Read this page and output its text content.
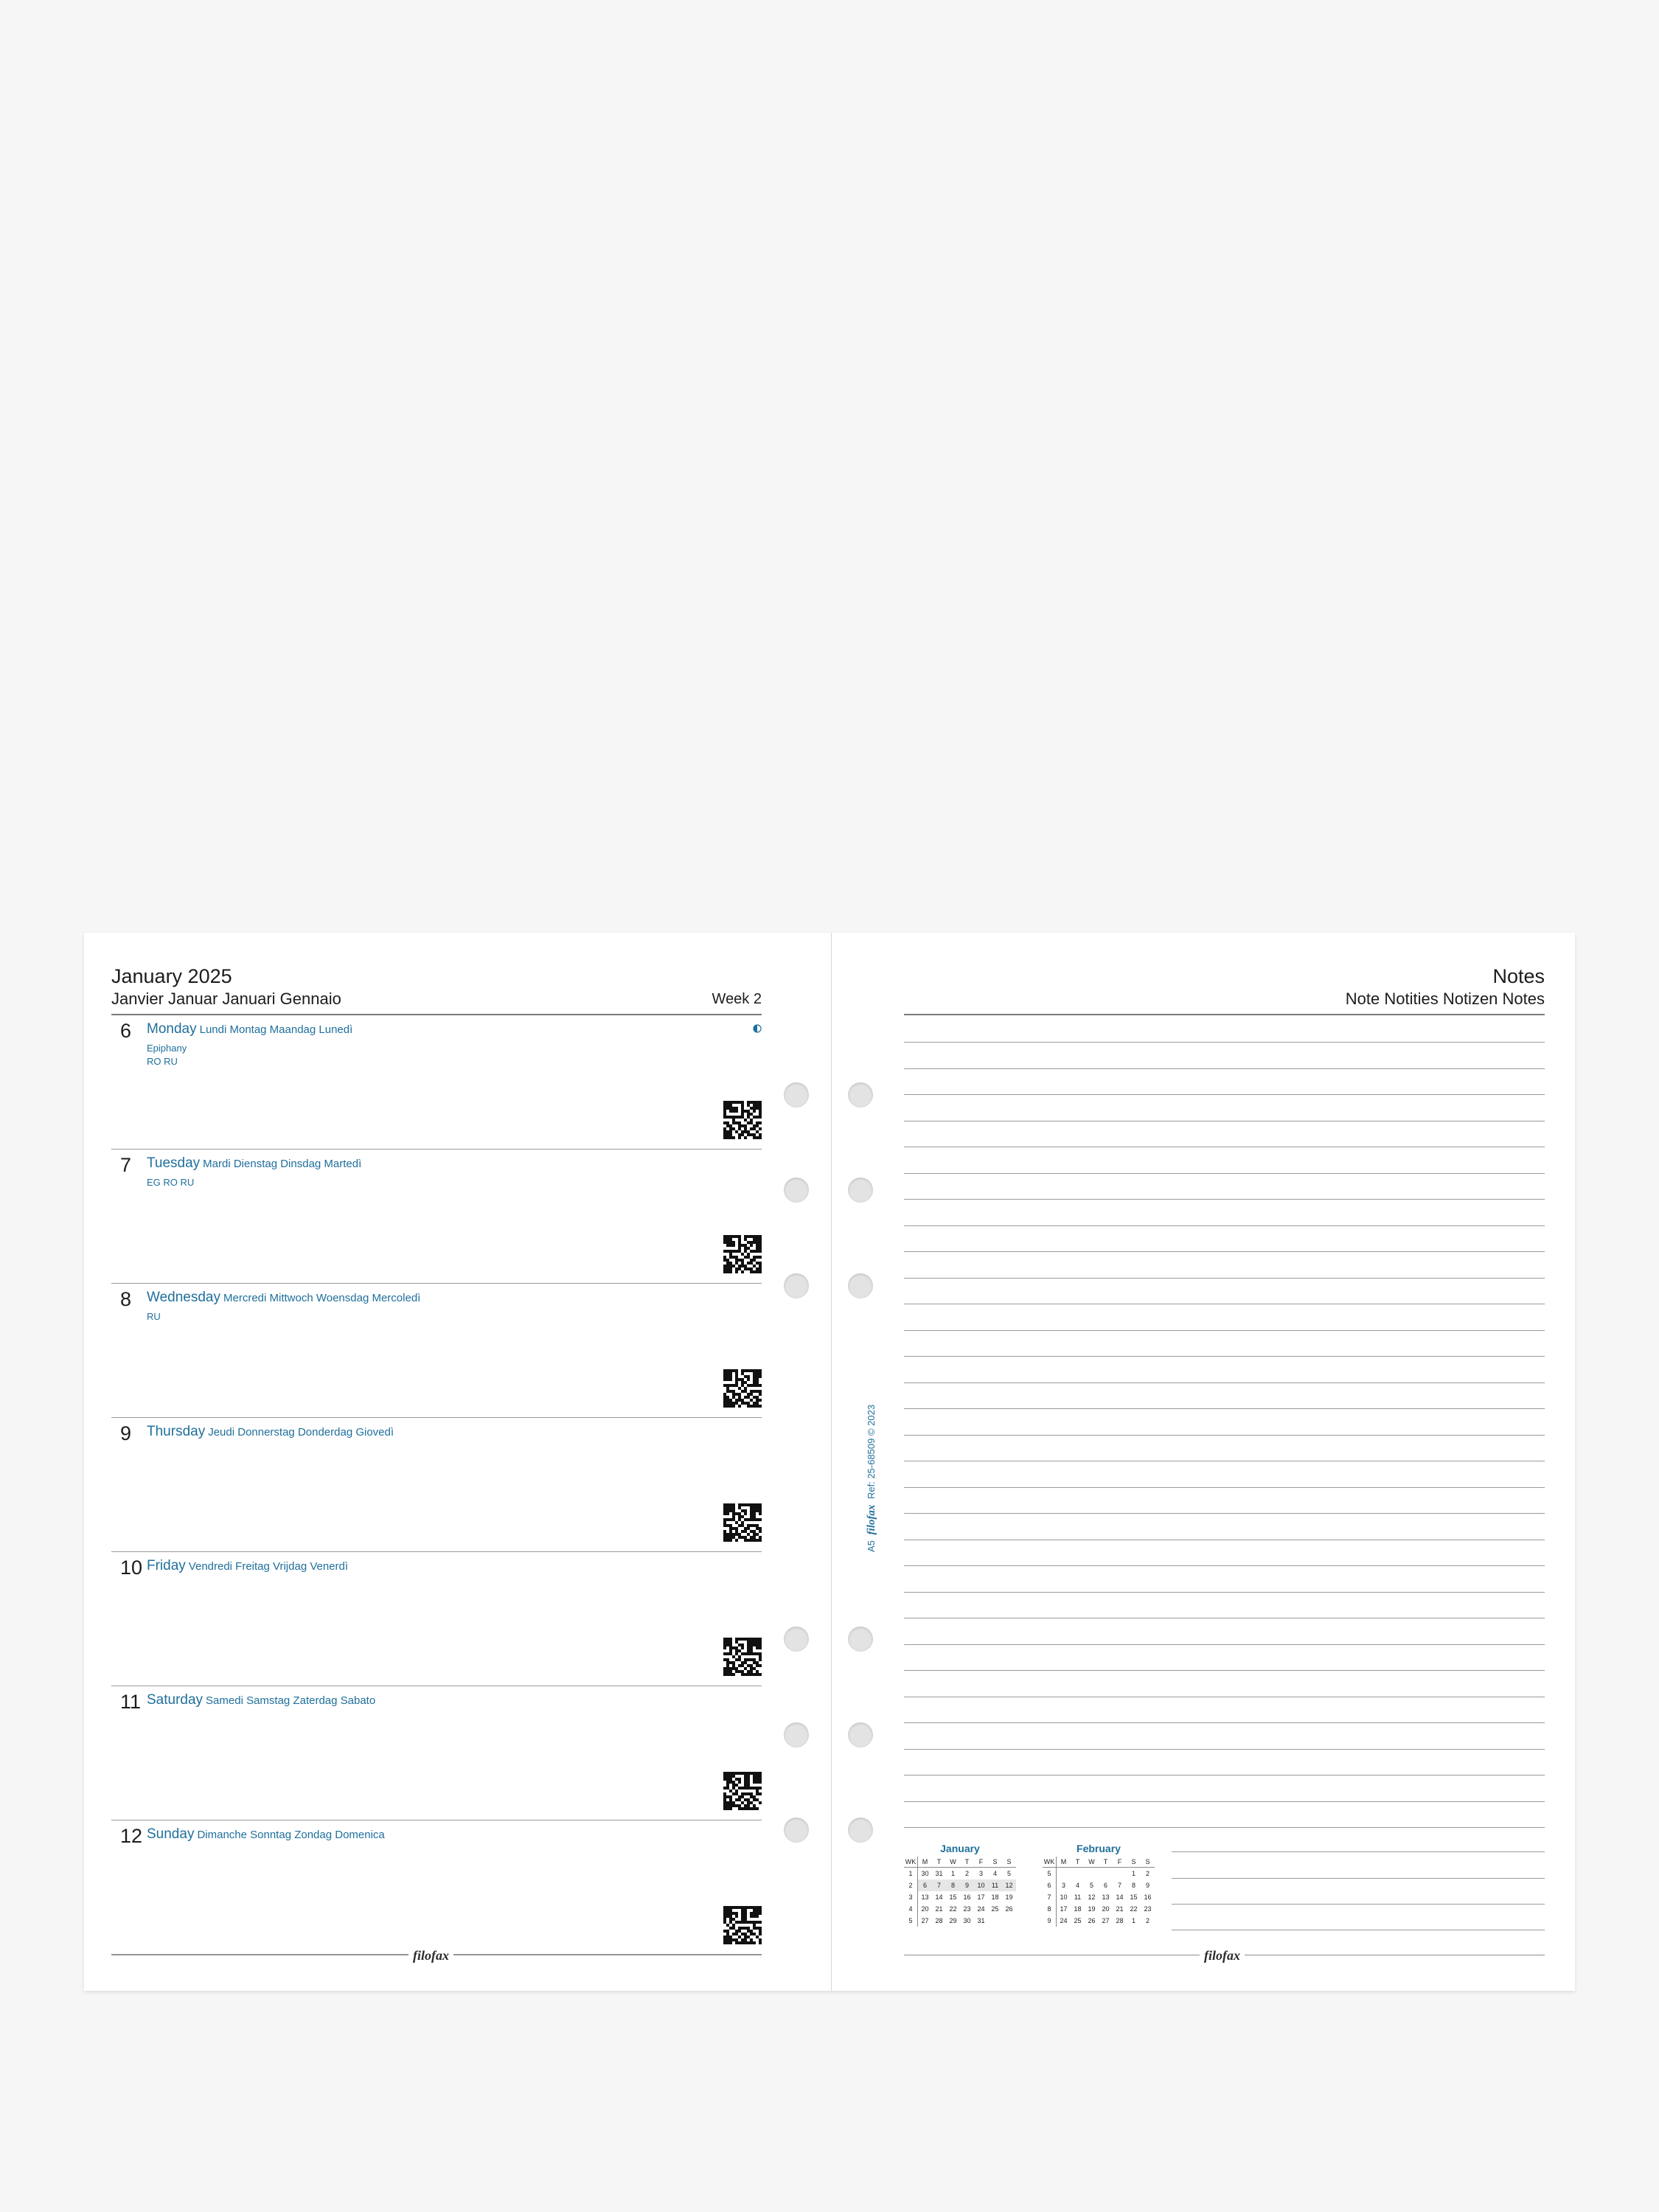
January 2025
Janvier Januar Januari Gennaio	Week 2
6 Monday Lundi Montag Maandag Lunedì
Epiphany
RO RU
7 Tuesday Mardi Dienstag Dinsdag Martedì
EG RO RU
8 Wednesday Mercredi Mittwoch Woensdag Mercoledì
RU
9 Thursday Jeudi Donnerstag Donderdag Giovedì
10 Friday Vendredi Freitag Vrijdag Venerdì
11 Saturday Samedi Samstag Zaterdag Sabato
12 Sunday Dimanche Sonntag Zondag Domenica
filofax
Notes
Note Notities Notizen Notes
A5 filofax Ref: 25-68509 © 2023
January
WK	M	T	W	T	F	S	S
1	30	31	1	2	3	4	5
2	6	7	8	9	10	11	12
3	13	14	15	16	17	18	19
4	20	21	22	23	24	25	26
5	27	28	29	30	31		
February
WK	M	T	W	T	F	S	S
5						1	2
6	3	4	5	6	7	8	9
7	10	11	12	13	14	15	16
8	17	18	19	20	21	22	23
9	24	25	26	27	28	1	2
filofax
